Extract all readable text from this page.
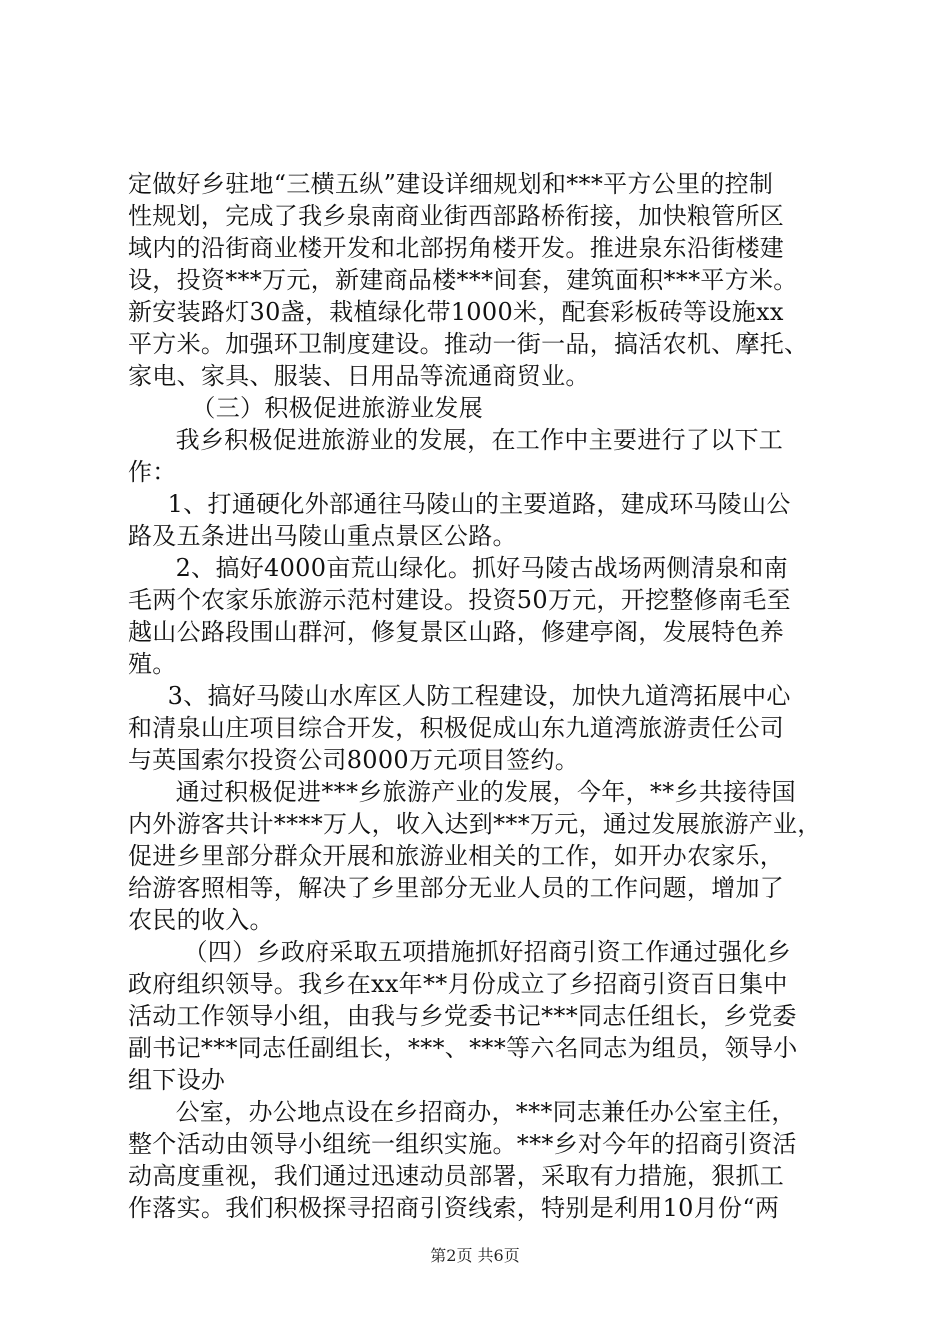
定做好乡驻地“三横五纵”建设详细规划和***平方公里的控制
性规划，完成了我乡泉南商业街西部路桥衔接，加快粮管所区
域内的沿街商业楼开发和北部拐角楼开发。推进泉东沿街楼建
设，投资***万元，新建商品楼***间套，建筑面积***平方米。
新安装路灯30盏，栽植绿化带1000米，配套彩板砖等设施xx
平方米。加强环卫制度建设。推动一街一品，搞活农机、摩托、
家电、家具、服装、日用品等流通商贸业。
（三）积极促进旅游业发展
我乡积极促进旅游业的发展，在工作中主要进行了以下工
作：
1、打通硬化外部通往马陵山的主要道路，建成环马陵山公
路及五条进出马陵山重点景区公路。
2、搞好4000亩荒山绿化。抓好马陵古战场两侧清泉和南
毛两个农家乐旅游示范村建设。投资50万元，开挖整修南毛至
越山公路段围山群河，修复景区山路，修建亭阁，发展特色养
殖。
3、搞好马陵山水库区人防工程建设，加快九道湾拓展中心
和清泉山庄项目综合开发，积极促成山东九道湾旅游责任公司
与英国索尔投资公司8000万元项目签约。
通过积极促进***乡旅游产业的发展，今年，**乡共接待国
内外游客共计****万人，收入达到***万元，通过发展旅游产业，
促进乡里部分群众开展和旅游业相关的工作，如开办农家乐，
给游客照相等，解决了乡里部分无业人员的工作问题，增加了
农民的收入。
（四）乡政府采取五项措施抓好招商引资工作通过强化乡
政府组织领导。我乡在xx年**月份成立了乡招商引资百日集中
活动工作领导小组，由我与乡党委书记***同志任组长，乡党委
副书记***同志任副组长，***、***等六名同志为组员，领导小
组下设办
公室，办公地点设在乡招商办，***同志兼任办公室主任，
整个活动由领导小组统一组织实施。***乡对今年的招商引资活
动高度重视，我们通过迅速动员部署，采取有力措施，狠抓工
作落实。我们积极探寻招商引资线索，特别是利用10月份“两
第2页 共6页
